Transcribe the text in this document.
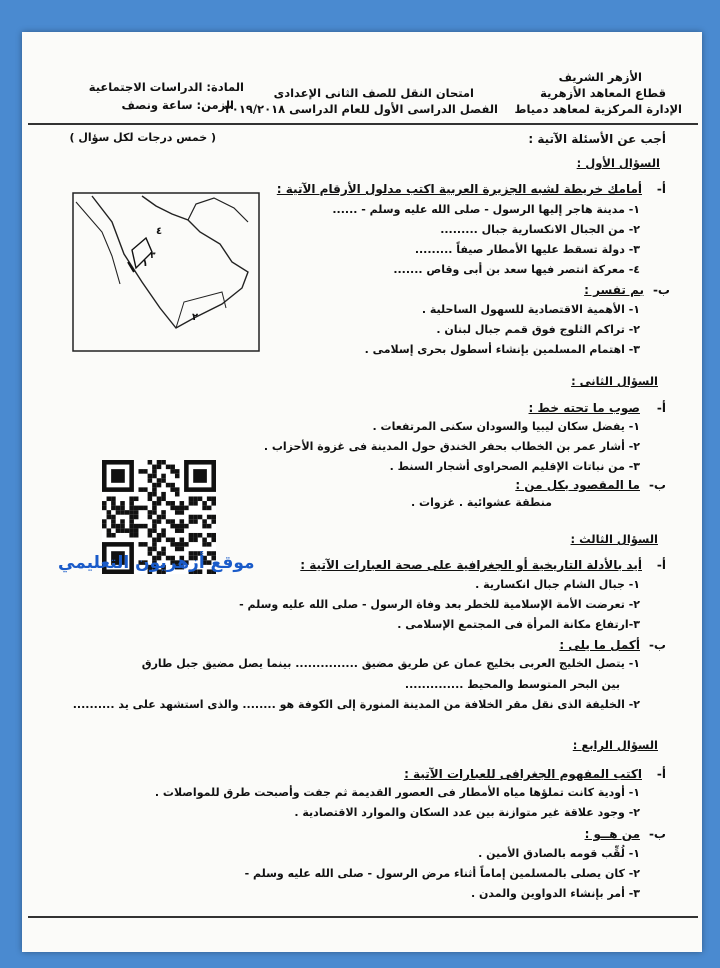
الأزهر الشريف
قطاع المعاهد الأزهرية
الإدارة المركزية لمعاهد دمياط
امتحان النقل للصف الثانى الإعدادى
الفصل الدراسى الأول للعام الدراسى ٢٠١٩/٢٠١٨
المادة: الدراسات الاجتماعية
الزمن: ساعة ونصف
أجب عن الأسئلة الآتية :
( خمس درجات لكل سؤال )
٤
١
٣
٢
السؤال الأول :
أ-
أمامك خريطة لشبه الجزيرة العربية اكتب مدلول الأرقام الآتية :
١- مدينة هاجر إليها الرسول - صلى الله عليه وسلم - ......
٢- من الجبال الانكسارية جبال .........
٣- دولة تسقط عليها الأمطار صيفاً .........
٤- معركة انتصر فيها سعد بن أبى وقاص .......
ب-
بم تفسر :
١- الأهمية الاقتصادية للسهول الساحلية .
٢- تراكم الثلوج فوق قمم جبال لبنان .
٣- اهتمام المسلمين بإنشاء أسطول بحرى إسلامى .
السؤال الثانى :
أ-
صوب ما تحته خط :
١- يفضل سكان ليبيا والسودان سكنى المرتفعات .
٢- أشار عمر بن الخطاب بحفر الخندق حول المدينة فى غزوة الأحزاب .
٣- من نباتات الإقليم الصحراوى أشجار السنط .
ب-
ما المقصود بكل من :
منطقة عشوائية . غزوات .
السؤال الثالث :
أ-
أيد بالأدلة التاريخية أو الجغرافية على صحة العبارات الآتية :
١- جبال الشام جبال انكسارية .
٢- تعرضت الأمة الإسلامية للخطر بعد وفاة الرسول - صلى الله عليه وسلم -
٣-ارتفاع مكانة المرأة فى المجتمع الإسلامى .
ب-
أكمل ما يلى :
١- يتصل الخليج العربى بخليج عمان عن طريق مضيق ............... بينما يصل مضيق جبل طارق
بين البحر المتوسط والمحيط ..............
٢- الخليفة الذى نقل مقر الخلافة من المدينة المنورة إلى الكوفة هو ........ والذى استشهد على يد ..........
السؤال الرابع :
أ-
اكتب المفهوم الجغرافى للعبارات الآتية :
١- أودية كانت تملؤها مياه الأمطار فى العصور القديمة ثم جفت وأصبحت طرق للمواصلات .
٢- وجود علاقة غير متوازنة بين عدد السكان والموارد الاقتصادية .
ب-
من هــو :
١- لُقِّب قومه بالصادق الأمين .
٢- كان يصلى بالمسلمين إماماً أثناء مرض الرسول - صلى الله عليه وسلم -
٣- أمر بإنشاء الدواوين والمدن .
موقع أزهريون التعليمي
